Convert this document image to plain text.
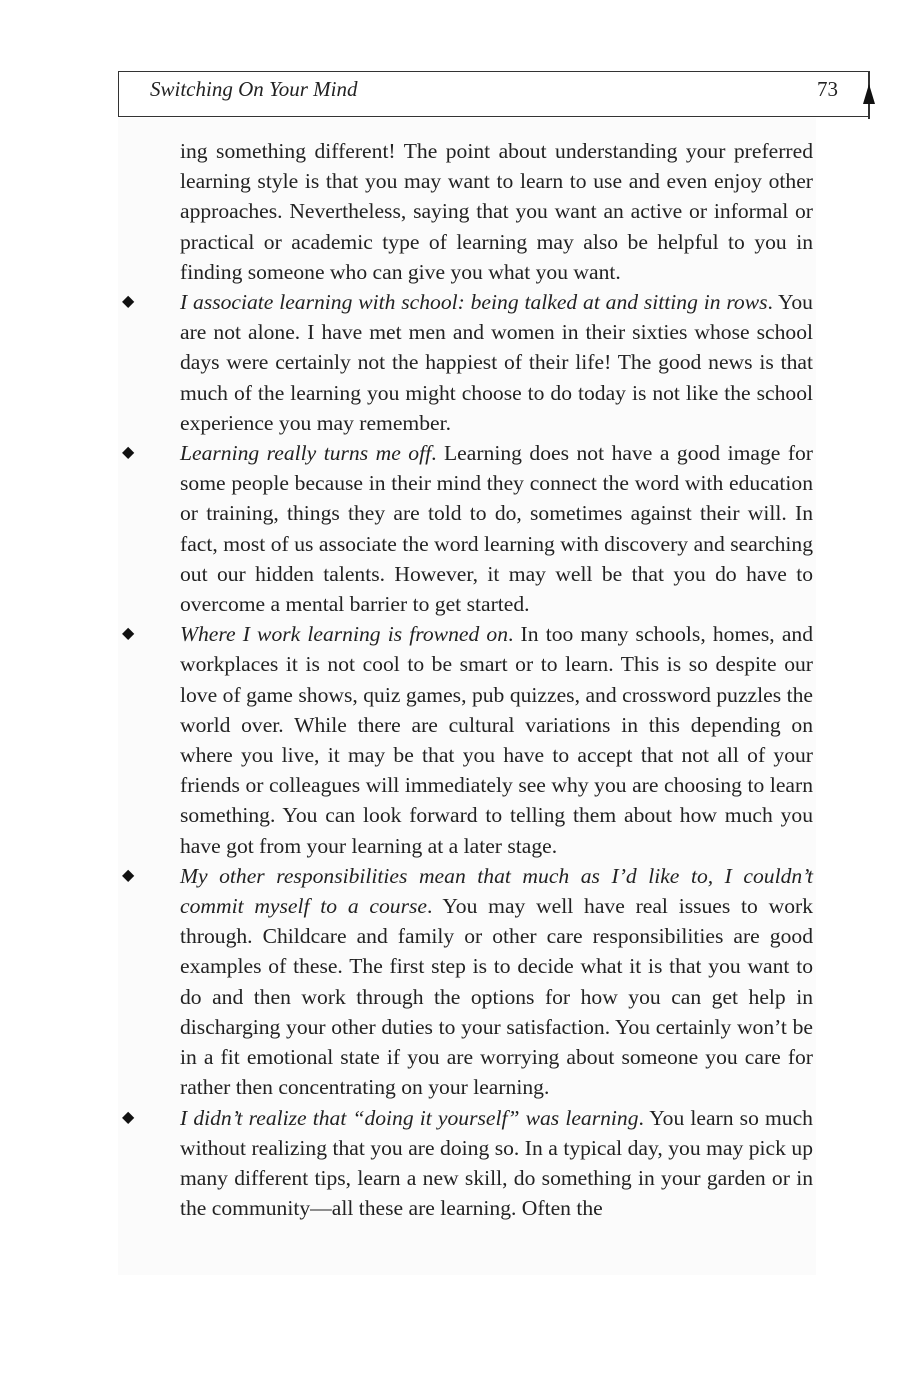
Switching On Your Mind	73

ing something different! The point about understanding your preferred learning style is that you may want to learn to use and even enjoy other approaches. Nevertheless, saying that you want an active or informal or practical or academic type of learning may also be helpful to you in finding someone who can give you what you want.

◆ I associate learning with school: being talked at and sitting in rows. You are not alone. I have met men and women in their sixties whose school days were certainly not the happiest of their life! The good news is that much of the learning you might choose to do today is not like the school experience you may remember.

◆ Learning really turns me off. Learning does not have a good image for some people because in their mind they connect the word with education or training, things they are told to do, sometimes against their will. In fact, most of us associate the word learning with discovery and searching out our hidden talents. However, it may well be that you do have to overcome a mental barrier to get started.

◆ Where I work learning is frowned on. In too many schools, homes, and workplaces it is not cool to be smart or to learn. This is so despite our love of game shows, quiz games, pub quizzes, and crossword puzzles the world over. While there are cultural variations in this depending on where you live, it may be that you have to accept that not all of your friends or colleagues will immediately see why you are choosing to learn something. You can look forward to telling them about how much you have got from your learning at a later stage.

◆ My other responsibilities mean that much as I’d like to, I couldn’t commit myself to a course. You may well have real issues to work through. Childcare and family or other care responsibilities are good examples of these. The first step is to decide what it is that you want to do and then work through the options for how you can get help in discharging your other duties to your satisfaction. You certainly won’t be in a fit emotional state if you are worrying about someone you care for rather then concentrating on your learning.

◆ I didn’t realize that “doing it yourself” was learning. You learn so much without realizing that you are doing so. In a typical day, you may pick up many different tips, learn a new skill, do something in your garden or in the community—all these are learning. Often the
